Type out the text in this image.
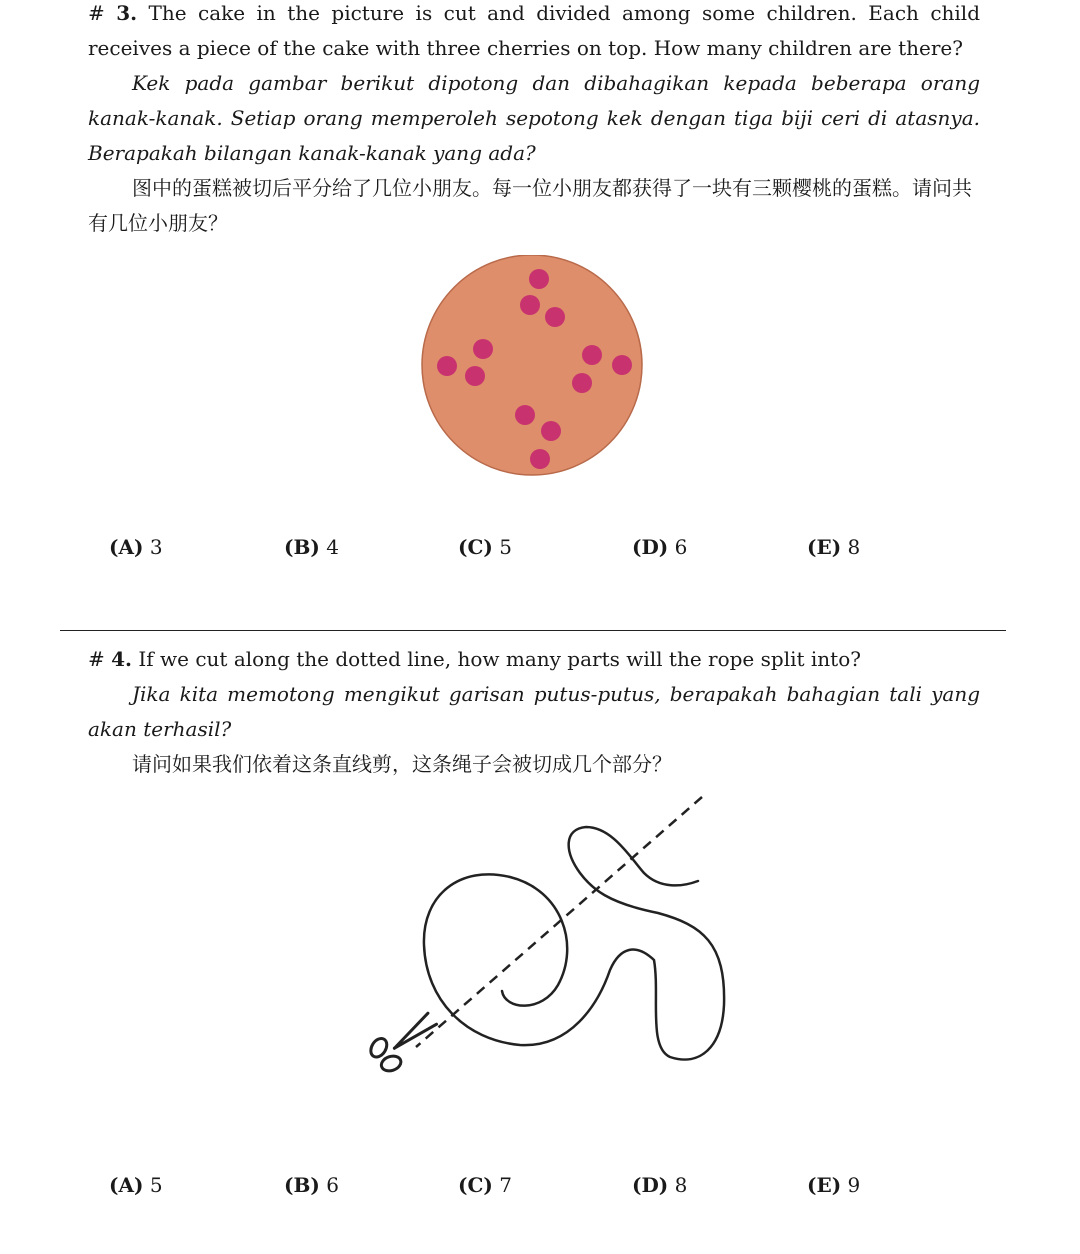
# 3. The cake in the picture is cut and divided among some children. Each child receives a piece of the cake with three cherries on top. How many children are there?
Kek pada gambar berikut dipotong dan dibahagikan kepada beberapa orang kanak-kanak. Setiap orang memperoleh sepotong kek dengan tiga biji ceri di atasnya. Berapakah bilangan kanak-kanak yang ada?
图中的蛋糕被切后平分给了几位小朋友。每一位小朋友都获得了一块有三颗樱桃的蛋糕。请问共有几位小朋友？
(A) 3	(B) 4	(C) 5	(D) 6	(E) 8
# 4. If we cut along the dotted line, how many parts will the rope split into?
Jika kita memotong mengikut garisan putus-putus, berapakah bahagian tali yang akan terhasil?
请问如果我们依着这条直线剪，这条绳子会被切成几个部分？
(A) 5	(B) 6	(C) 7	(D) 8	(E) 9
